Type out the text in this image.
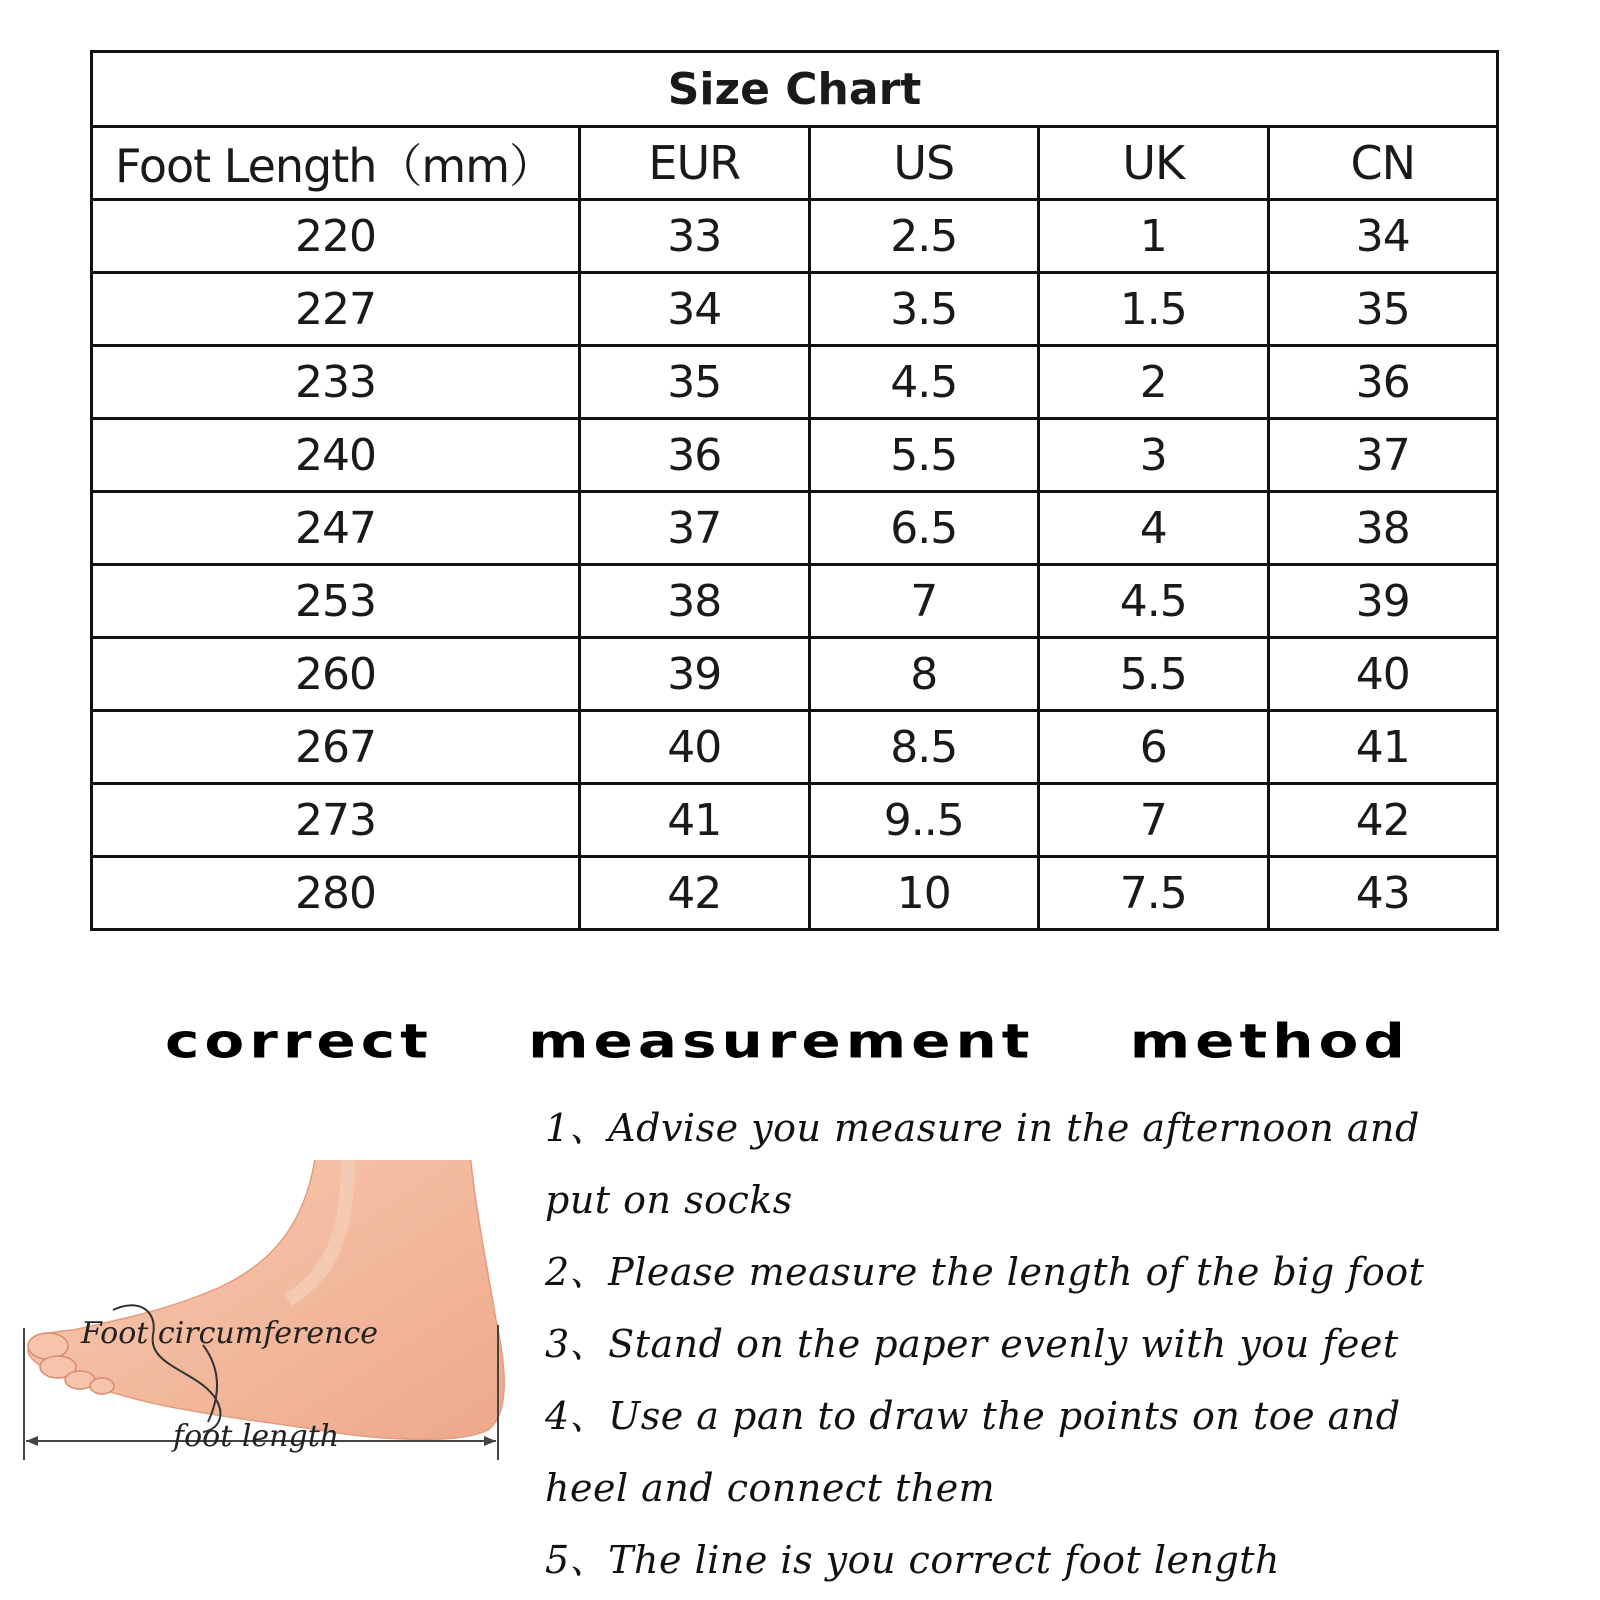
Size Chart				
Foot Length（mm）	EUR	US	UK	CN
220	33	2.5	1	34
227	34	3.5	1.5	35
233	35	4.5	2	36
240	36	5.5	3	37
247	37	6.5	4	38
253	38	7	4.5	39
260	39	8	5.5	40
267	40	8.5	6	41
273	41	9..5	7	42
280	42	10	7.5	43
correct measurement method
Foot circumference
foot length
1、Advise you measure in the afternoon and
put on socks
2、Please measure the length of the big foot
3、Stand on the paper evenly with you feet
4、Use a pan to draw the points on toe and
heel and connect them
5、The line is you correct foot length
